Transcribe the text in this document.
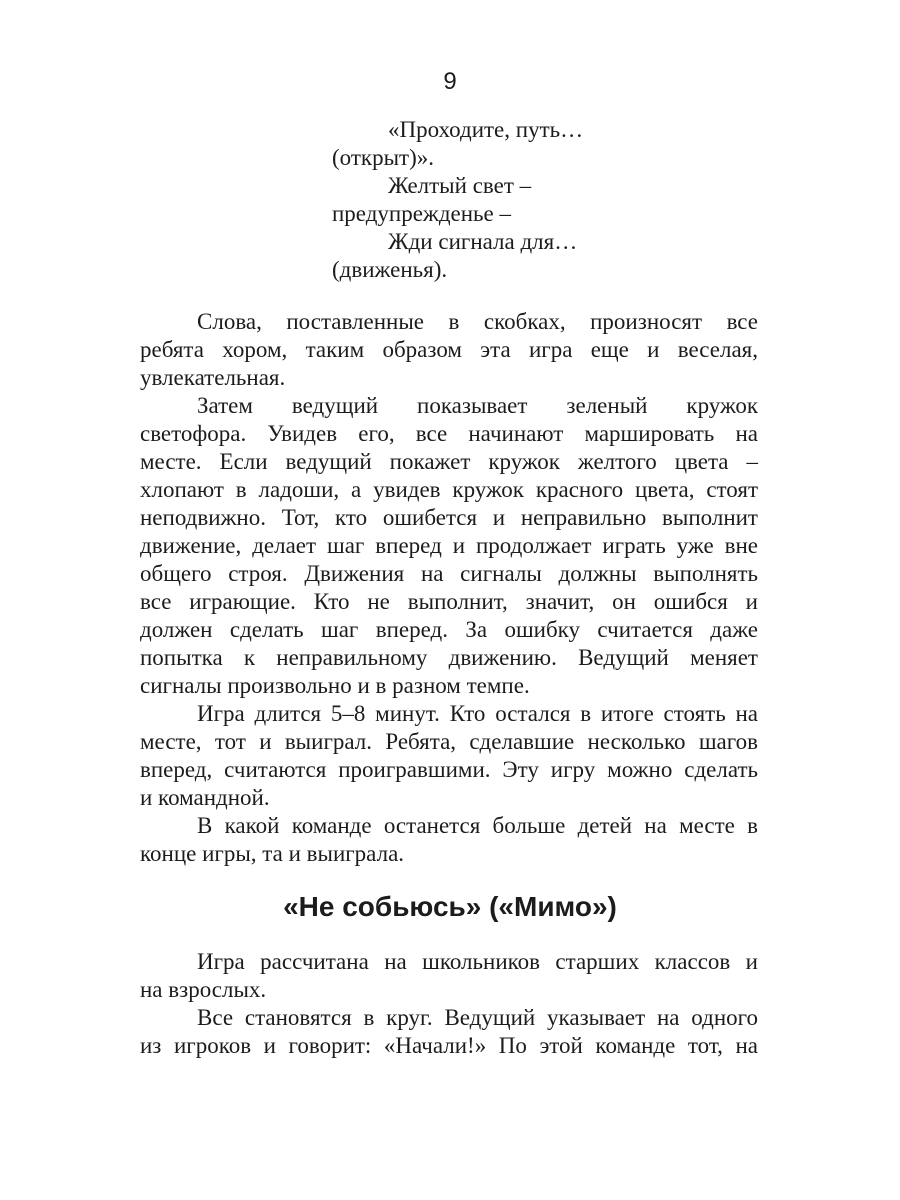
9
«Проходите, путь…
(открыт)».
Желтый свет –
предупрежденье –
Жди сигнала для…
(движенья).
Слова, поставленные в скобках, произносят все
ребята хором, таким образом эта игра еще и веселая,
увлекательная.
Затем ведущий показывает зеленый кружок
светофора. Увидев его, все начинают маршировать на
месте. Если ведущий покажет кружок желтого цвета –
хлопают в ладоши, а увидев кружок красного цвета, стоят
неподвижно. Тот, кто ошибется и неправильно выполнит
движение, делает шаг вперед и продолжает играть уже вне
общего строя. Движения на сигналы должны выполнять
все играющие. Кто не выполнит, значит, он ошибся и
должен сделать шаг вперед. За ошибку считается даже
попытка к неправильному движению. Ведущий меняет
сигналы произвольно и в разном темпе.
Игра длится 5–8 минут. Кто остался в итоге стоять на
месте, тот и выиграл. Ребята, сделавшие несколько шагов
вперед, считаются проигравшими. Эту игру можно сделать
и командной.
В какой команде останется больше детей на месте в
конце игры, та и выиграла.
«Не собьюсь» («Мимо»)
Игра рассчитана на школьников старших классов и
на взрослых.
Все становятся в круг. Ведущий указывает на одного
из игроков и говорит: «Начали!» По этой команде тот, на
